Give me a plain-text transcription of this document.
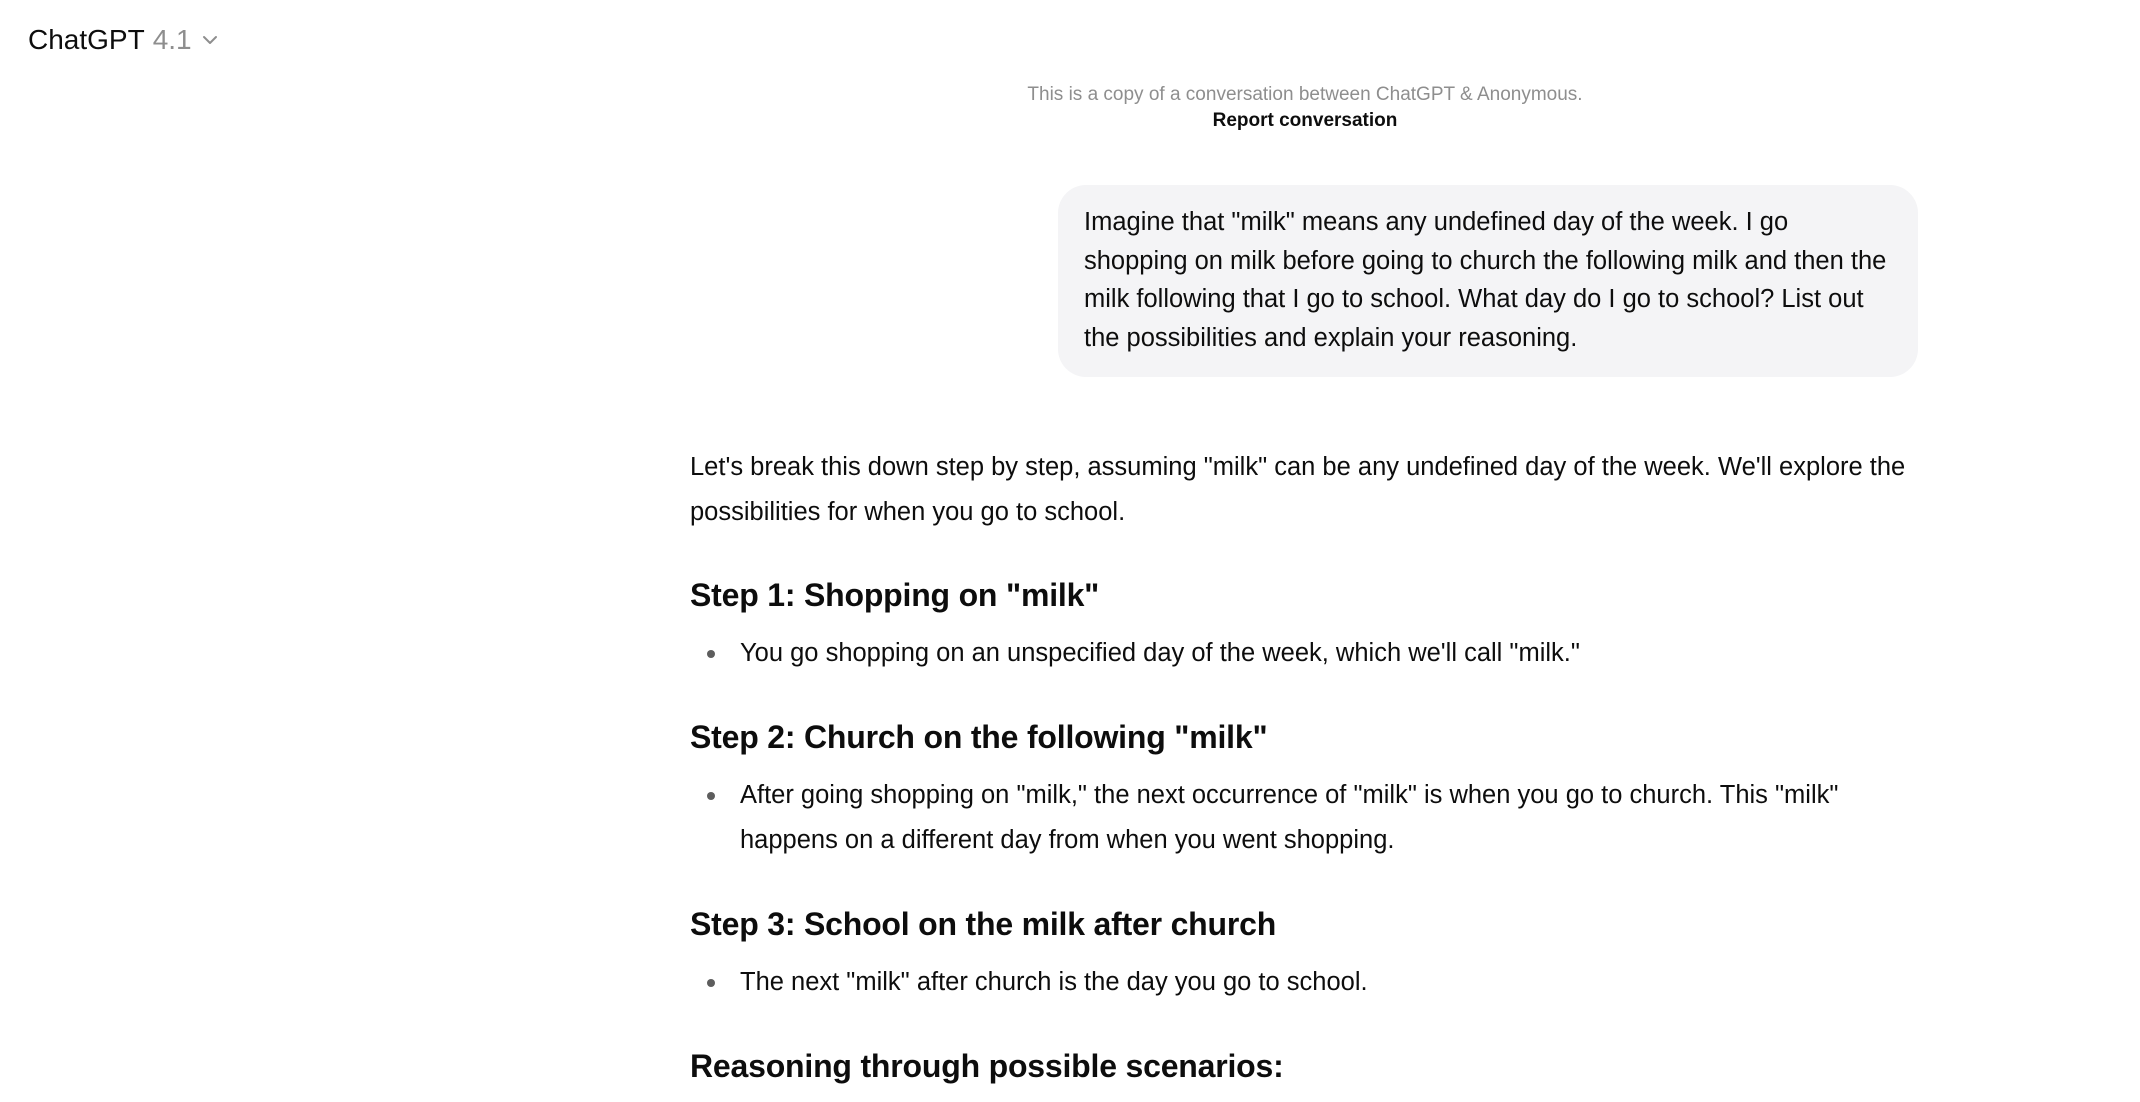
ChatGPT 4.1
This is a copy of a conversation between ChatGPT & Anonymous.
Report conversation
Imagine that "milk" means any undefined day of the week. I go shopping on milk before going to church the following milk and then the milk following that I go to school. What day do I go to school? List out the possibilities and explain your reasoning.

Let's break this down step by step, assuming "milk" can be any undefined day of the week. We'll explore the possibilities for when you go to school.

Step 1: Shopping on "milk"
You go shopping on an unspecified day of the week, which we'll call "milk."
Step 2: Church on the following "milk"
After going shopping on "milk," the next occurrence of "milk" is when you go to church. This "milk" happens on a different day from when you went shopping.
Step 3: School on the milk after church
The next "milk" after church is the day you go to school.
Reasoning through possible scenarios:
